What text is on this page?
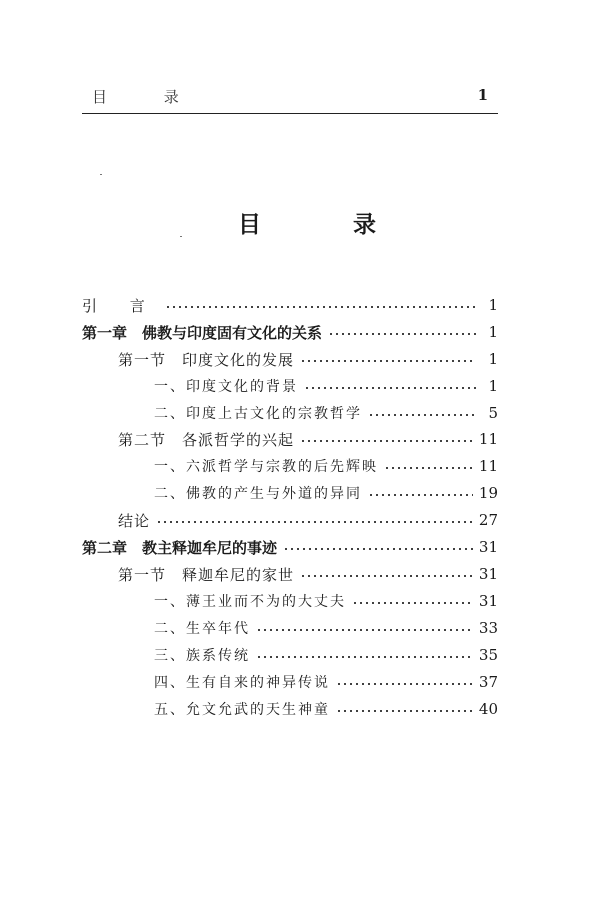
目 录	1
目 录
引 言	1
第一章　佛教与印度固有文化的关系	1
第一节　印度文化的发展	1
一、印度文化的背景	1
二、印度上古文化的宗教哲学	5
第二节　各派哲学的兴起	11
一、六派哲学与宗教的后先辉映	11
二、佛教的产生与外道的异同	19
结论	27
第二章　教主释迦牟尼的事迹	31
第一节　释迦牟尼的家世	31
一、薄王业而不为的大丈夫	31
二、生卒年代	33
三、族系传统	35
四、生有自来的神异传说	37
五、允文允武的天生神童	40
